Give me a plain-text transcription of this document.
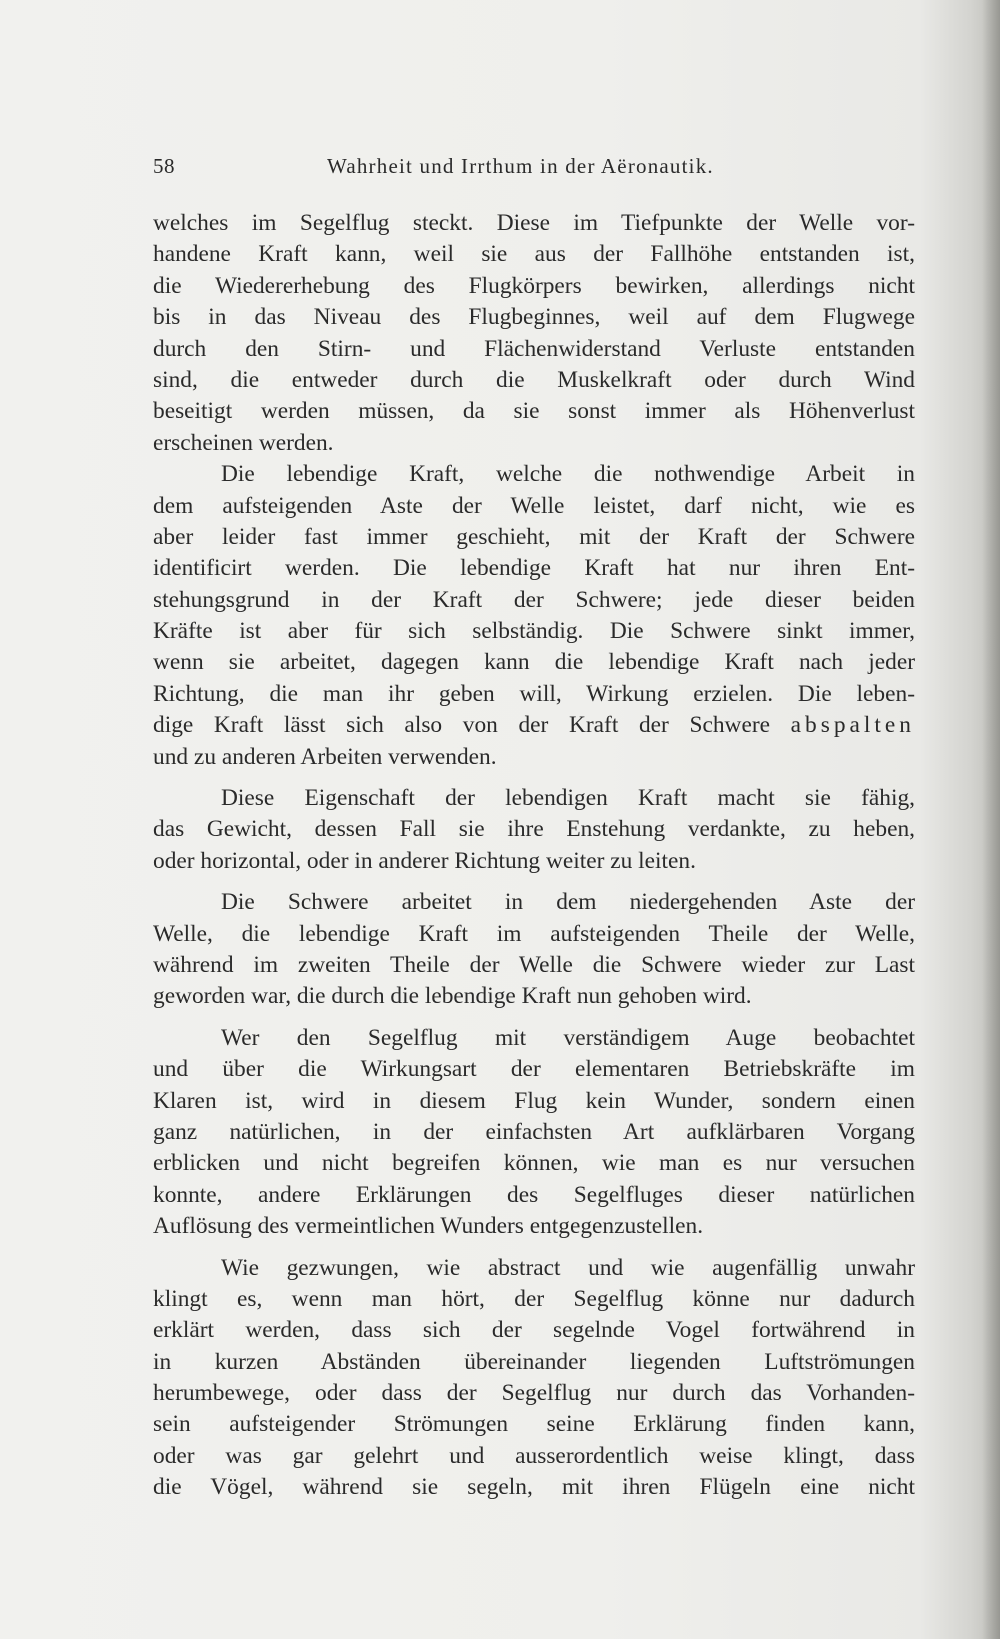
58	Wahrheit und Irrthum in der Aëronautik.
welches im Segelflug steckt. Diese im Tiefpunkte der Welle vor-
handene Kraft kann, weil sie aus der Fallhöhe entstanden ist,
die Wiedererhebung des Flugkörpers bewirken, allerdings nicht
bis in das Niveau des Flugbeginnes, weil auf dem Flugwege
durch den Stirn- und Flächenwiderstand Verluste entstanden
sind, die entweder durch die Muskelkraft oder durch Wind
beseitigt werden müssen, da sie sonst immer als Höhenverlust
erscheinen werden.
Die lebendige Kraft, welche die nothwendige Arbeit in
dem aufsteigenden Aste der Welle leistet, darf nicht, wie es
aber leider fast immer geschieht, mit der Kraft der Schwere
identificirt werden. Die lebendige Kraft hat nur ihren Ent-
stehungsgrund in der Kraft der Schwere; jede dieser beiden
Kräfte ist aber für sich selbständig. Die Schwere sinkt immer,
wenn sie arbeitet, dagegen kann die lebendige Kraft nach jeder
Richtung, die man ihr geben will, Wirkung erzielen. Die leben-
dige Kraft lässt sich also von der Kraft der Schwere abspalten
und zu anderen Arbeiten verwenden.
Diese Eigenschaft der lebendigen Kraft macht sie fähig,
das Gewicht, dessen Fall sie ihre Enstehung verdankte, zu heben,
oder horizontal, oder in anderer Richtung weiter zu leiten.
Die Schwere arbeitet in dem niedergehenden Aste der
Welle, die lebendige Kraft im aufsteigenden Theile der Welle,
während im zweiten Theile der Welle die Schwere wieder zur Last
geworden war, die durch die lebendige Kraft nun gehoben wird.
Wer den Segelflug mit verständigem Auge beobachtet
und über die Wirkungsart der elementaren Betriebskräfte im
Klaren ist, wird in diesem Flug kein Wunder, sondern einen
ganz natürlichen, in der einfachsten Art aufklärbaren Vorgang
erblicken und nicht begreifen können, wie man es nur versuchen
konnte, andere Erklärungen des Segelfluges dieser natürlichen
Auflösung des vermeintlichen Wunders entgegenzustellen.
Wie gezwungen, wie abstract und wie augenfällig unwahr
klingt es, wenn man hört, der Segelflug könne nur dadurch
erklärt werden, dass sich der segelnde Vogel fortwährend in
in kurzen Abständen übereinander liegenden Luftströmungen
herumbewege, oder dass der Segelflug nur durch das Vorhanden-
sein aufsteigender Strömungen seine Erklärung finden kann,
oder was gar gelehrt und ausserordentlich weise klingt, dass
die Vögel, während sie segeln, mit ihren Flügeln eine nicht
